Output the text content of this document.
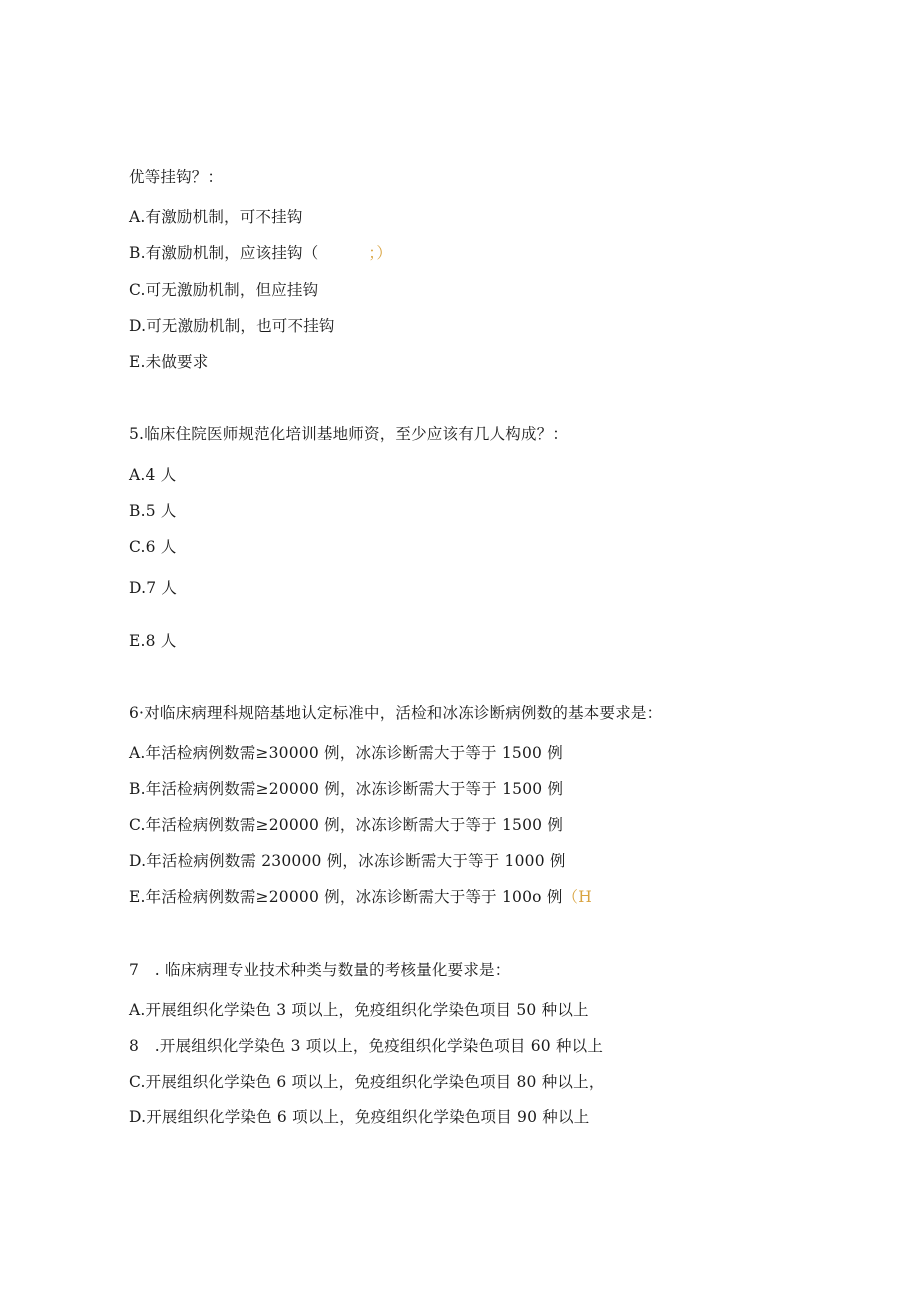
优等挂钩？：
A.有激励机制，可不挂钩
B.有激励机制，应该挂钩（	；）
C.可无激励机制，但应挂钩
D.可无激励机制，也可不挂钩
E.未做要求
5.临床住院医师规范化培训基地师资，至少应该有几人构成？：
A.4 人
B.5 人
C.6 人
D.7 人
E.8 人
6·对临床病理科规陪基地认定标准中，活检和冰冻诊断病例数的基本要求是：
A.年活检病例数需≥30000 例，冰冻诊断需大于等于 1500 例
B.年活检病例数需≥20000 例，冰冻诊断需大于等于 1500 例
C.年活检病例数需≥20000 例，冰冻诊断需大于等于 1500 例
D.年活检病例数需 230000 例，冰冻诊断需大于等于 1000 例
E.年活检病例数需≥20000 例，冰冻诊断需大于等于 100o 例（H
7　. 临床病理专业技术种类与数量的考核量化要求是：
A.开展组织化学染色 3 项以上，免疫组织化学染色项目 50 种以上
8　.开展组织化学染色 3 项以上，免疫组织化学染色项目 60 种以上
C.开展组织化学染色 6 项以上，免疫组织化学染色项目 80 种以上，
D.开展组织化学染色 6 项以上，免疫组织化学染色项目 90 种以上
